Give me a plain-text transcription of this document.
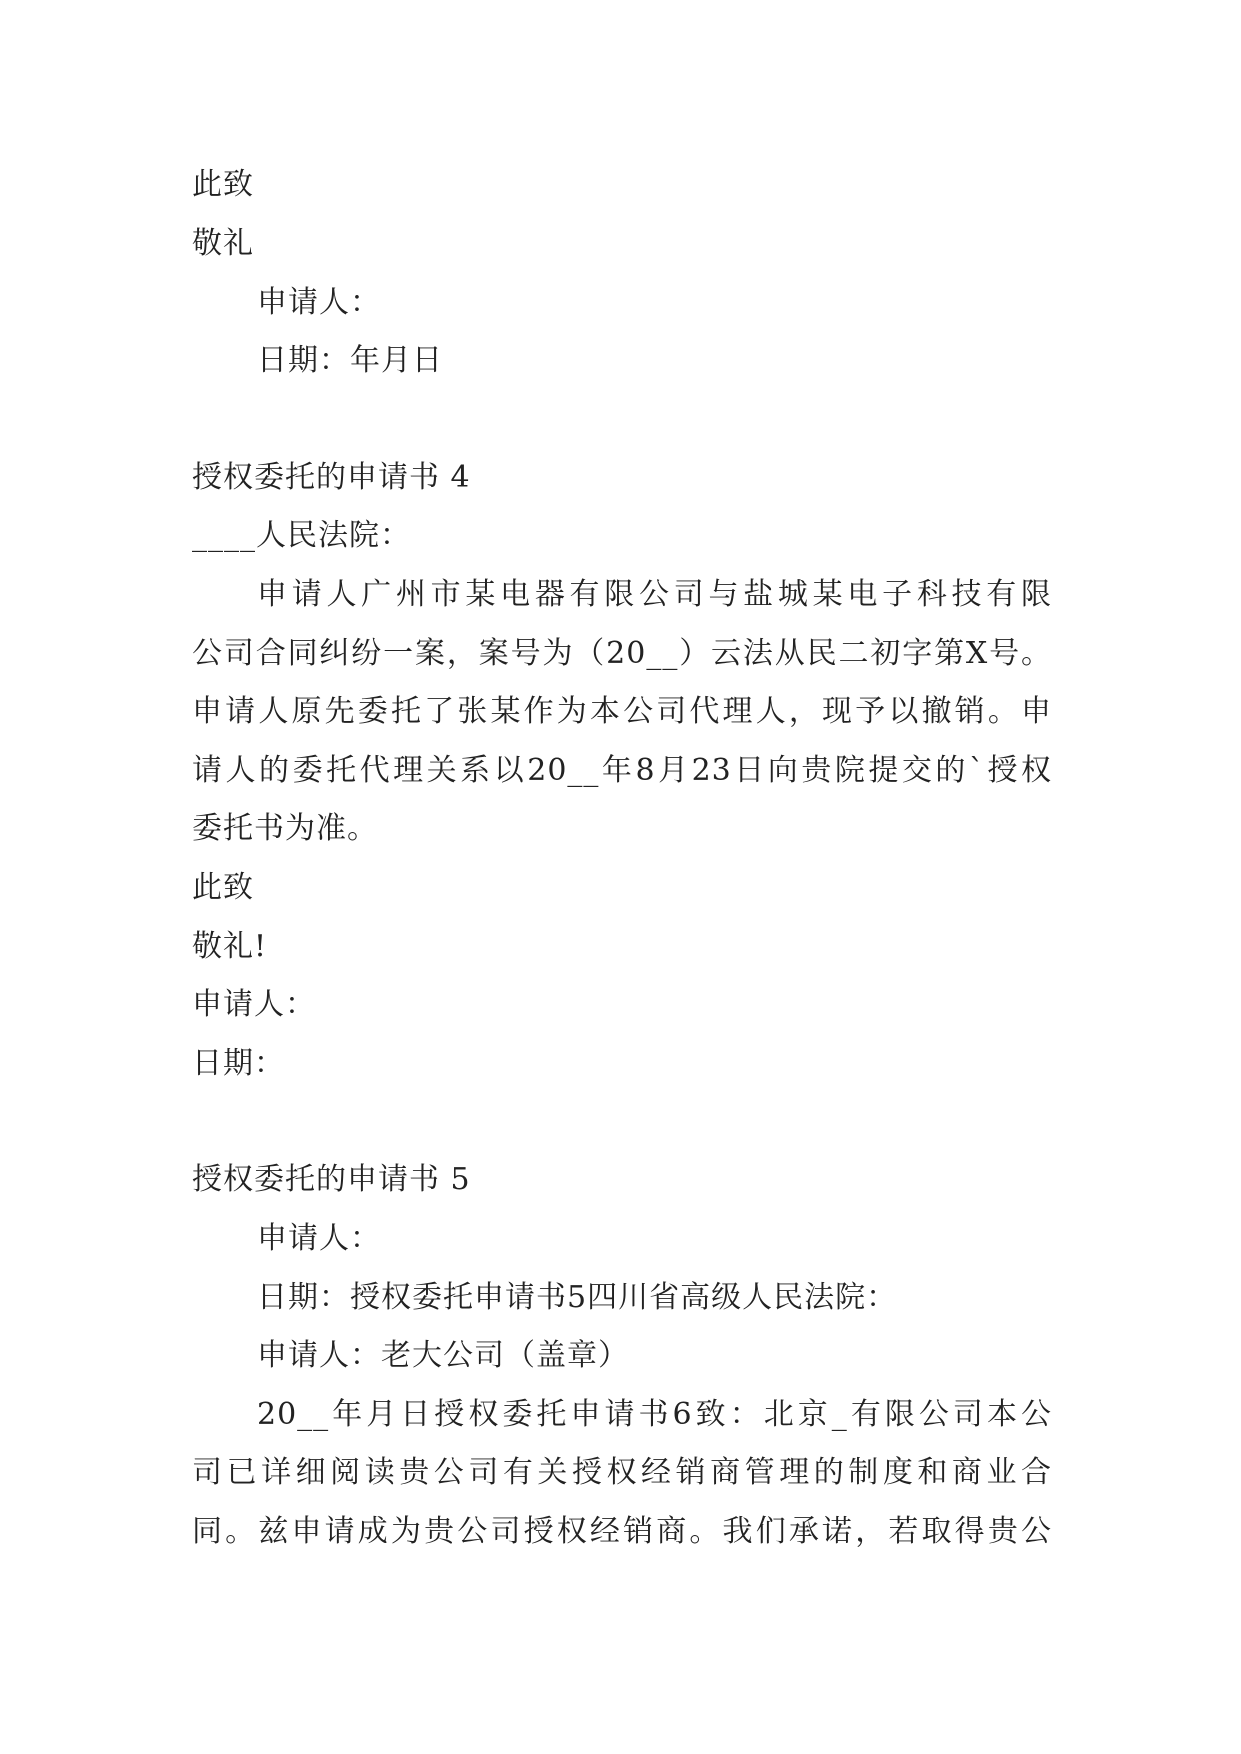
此致
敬礼
申请人：
日期：年月日
授权委托的申请书 4
____人民法院：
申请人广州市某电器有限公司与盐城某电子科技有限
公司合同纠纷一案，案号为（20__）云法从民二初字第X号。
申请人原先委托了张某作为本公司代理人，现予以撤销。申
请人的委托代理关系以20__年8月23日向贵院提交的`授权
委托书为准。
此致
敬礼!
申请人：
日期：
授权委托的申请书 5
申请人：
日期：授权委托申请书5四川省高级人民法院：
申请人：老大公司（盖章）
20__年月日授权委托申请书6致：北京_有限公司本公
司已详细阅读贵公司有关授权经销商管理的制度和商业合
同。兹申请成为贵公司授权经销商。我们承诺，若取得贵公
